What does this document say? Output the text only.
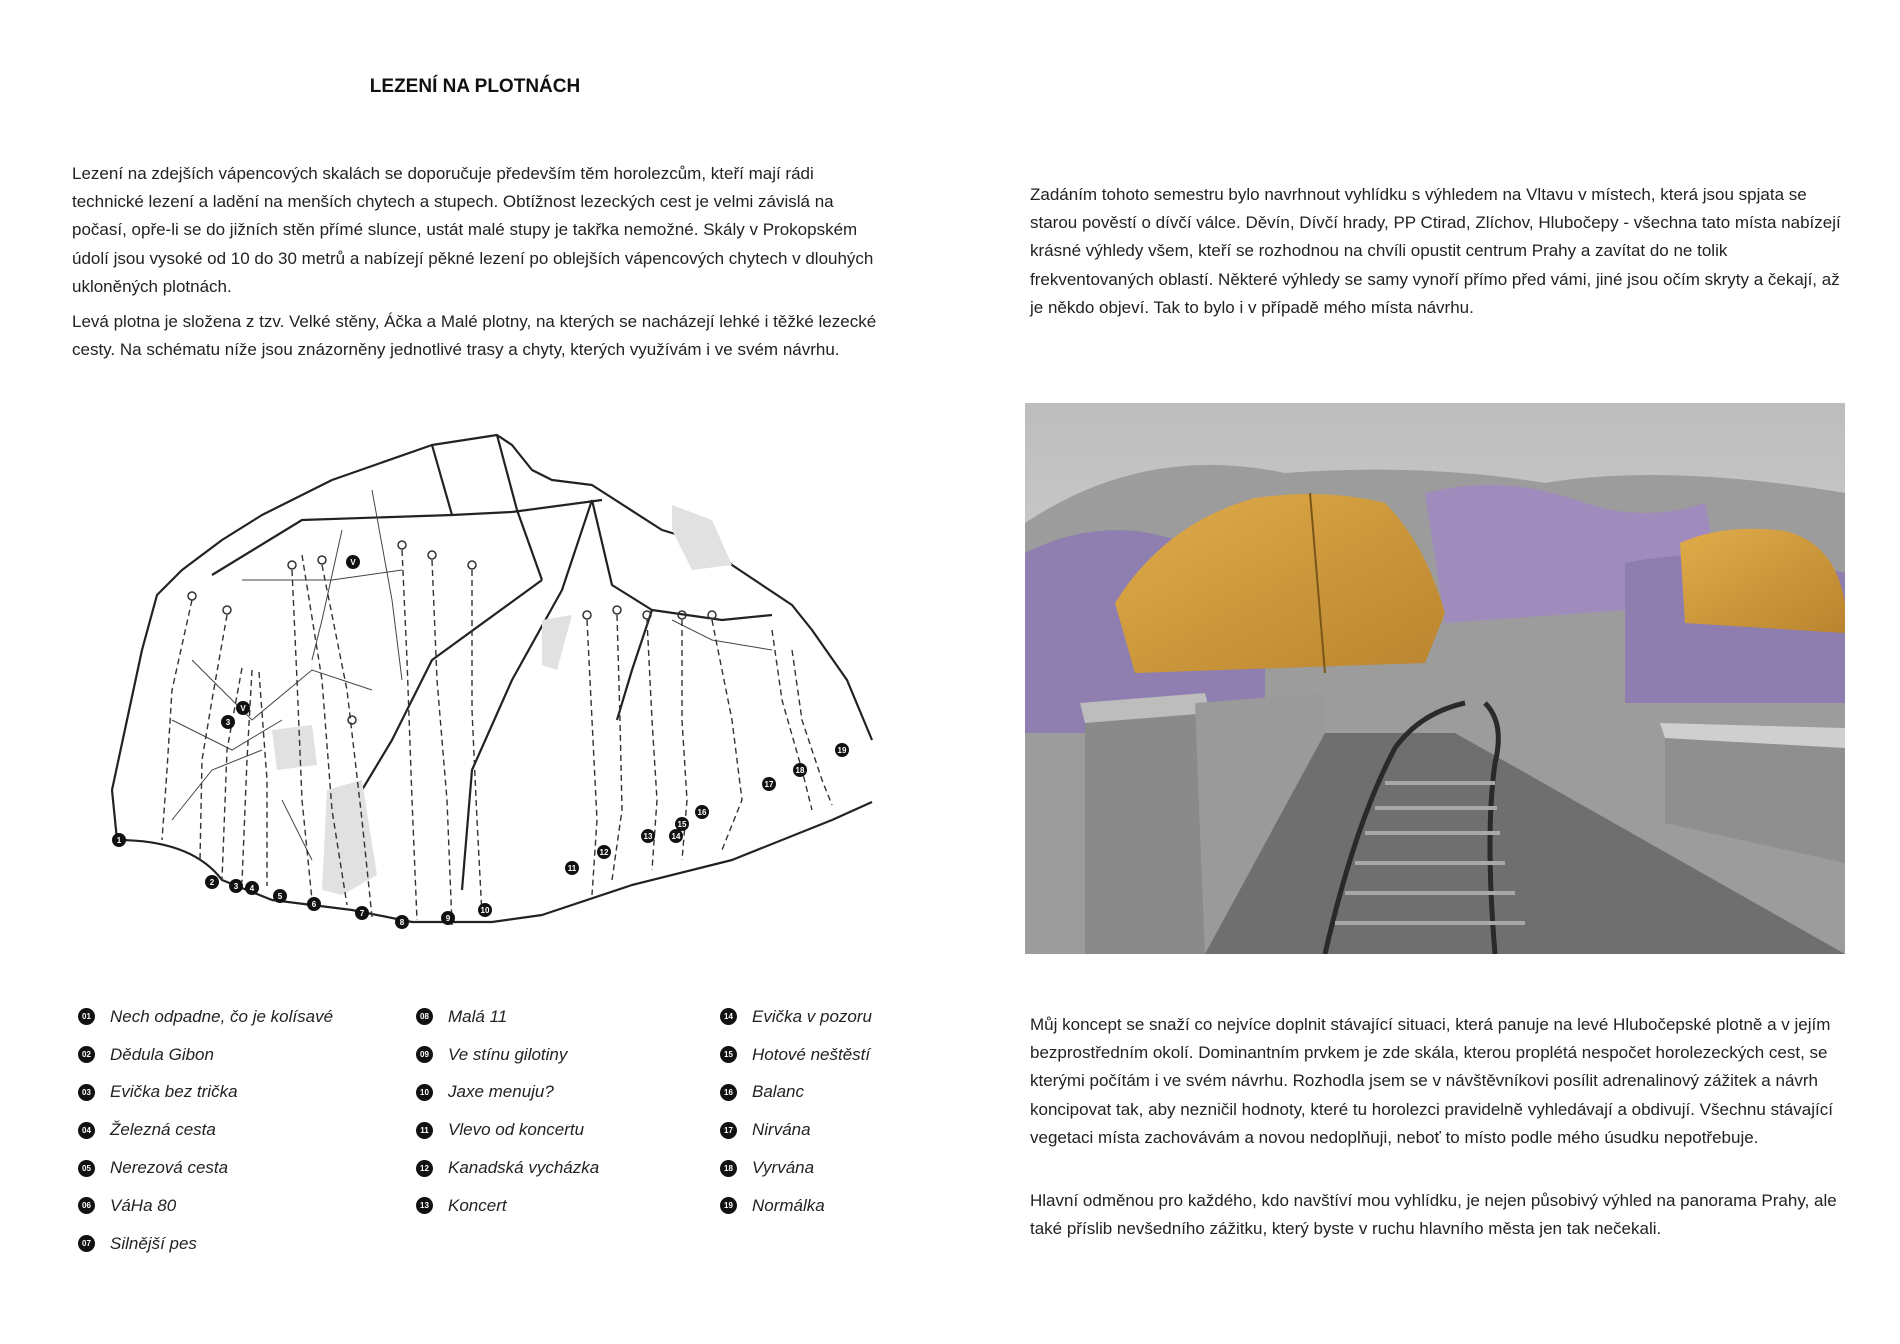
LEZENÍ NA PLOTNÁCH

Lezení na zdejších vápencových skalách se doporučuje především těm horolezcům, kteří mají rádi technické lezení a ladění na menších chytech a stupech. Obtížnost lezeckých cest je velmi závislá na počasí, opře-li se do jižních stěn přímé slunce, ustát malé stupy je takřka nemožné. Skály v Prokopském údolí jsou vysoké od 10 do 30 metrů a nabízejí pěkné lezení po oblejších vápencových chytech v dlouhých ukloněných plotnách.

Levá plotna je složena z tzv. Velké stěny, Áčka a Malé plotny, na kterých se nacházejí lehké i těžké lezecké cesty. Na schématu níže jsou znázorněny jednotlivé trasy a chyty, kterých využívám i ve svém návrhu.

Zadáním tohoto semestru bylo navrhnout vyhlídku s výhledem na Vltavu v místech, která jsou spjata se starou pověstí o dívčí válce. Děvín, Dívčí hrady, PP Ctirad, Zlíchov, Hlubočepy - všechna tato místa nabízejí krásné výhledy všem, kteří se rozhodnou na chvíli opustit centrum Prahy a zavítat do ne tolik frekventovaných oblastí. Některé výhledy se samy vynoří přímo před vámi, jiné jsou očím skryty a čekají, až je někdo objeví. Tak to bylo i v případě mého místa návrhu.

Můj koncept se snaží co nejvíce doplnit stávající situaci, která panuje na levé Hlubočepské plotně a v jejím bezprostředním okolí. Dominantním prvkem je zde skála, kterou proplétá nespočet horolezeckých cest, se kterými počítám i ve svém návrhu. Rozhodla jsem se v návštěvníkovi posílit adrenalinový zážitek a návrh koncipovat tak, aby nezničil hodnoty, které tu horolezci pravidelně vyhledávají a obdivují. Všechnu stávající vegetaci místa zachovávám a novou nedoplňuji, neboť to místo podle mého úsudku nepotřebuje.

Hlavní odměnou pro každého, kdo navštíví mou vyhlídku, je nejen působivý výhled na panorama Prahy, ale také příslib nevšedního zážitku, který byste v ruchu hlavního města jen tak nečekali.

1
2 3 4
5
6
7
8	9
10
11
12
13 14
15
16
17
18
19
3
V
V
01 Nech odpadne, čo je kolísavé
02 Dědula Gibon
03 Evička bez trička
04 Železná cesta
05 Nerezová cesta
06 VáHa 80
07 Silnější pes
08 Malá 11
09 Ve stínu gilotiny
10 Jaxe menuju?
11 Vlevo od koncertu
12 Kanadská vycházka
13 Koncert
14 Evička v pozoru
15 Hotové neštěstí
16 Balanc
17 Nirvána
18 Vyrvána
19 Normálka
